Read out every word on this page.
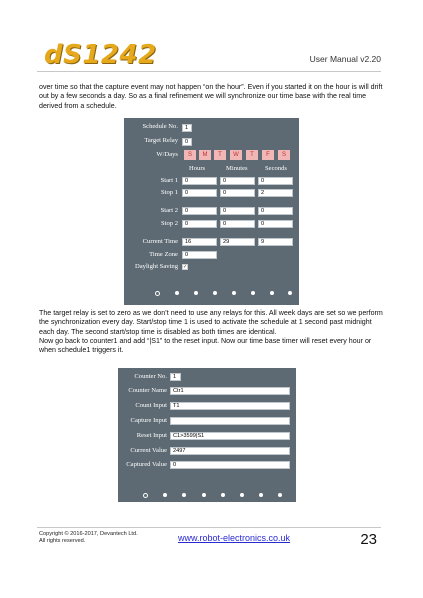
dS1242	User Manual v2.20

over time so that the capture event may not happen “on the hour”. Even if you started it on the hour is will drift out by a few seconds a day. So as a final refinement we will synchronize our time base with the real time derived from a schedule.

Schedule No.	1
Target Relay	0
W/Days	S	M	T	W	T	F	S
Hours	Minutes	Seconds
Start 1	0	0	0
Stop 1	0	0	2
Start 2	0	0	0
Stop 2	0	0	0
Current Time	16	29	9
Time Zone	0
Daylight Saving ✓

The target relay is set to zero as we don’t need to use any relays for this. All week days are set so we perform the synchronization every day. Start/stop time 1 is used to activate the schedule at 1 second past midnight each day. The second start/stop time is disabled as both times are identical.

Now go back to counter1 and add “|S1” to the reset input. Now our time base timer will reset every hour or when schedule1 triggers it.

Counter No.	1
Counter Name	Ctr1
Count Input	T1
Capture Input
Reset Input	C1>3599|S1
Current Value	2497
Captured Value	0
Copyright © 2016-2017, Devantech Ltd.
All rights reserved.	www.robot-electronics.co.uk	23
